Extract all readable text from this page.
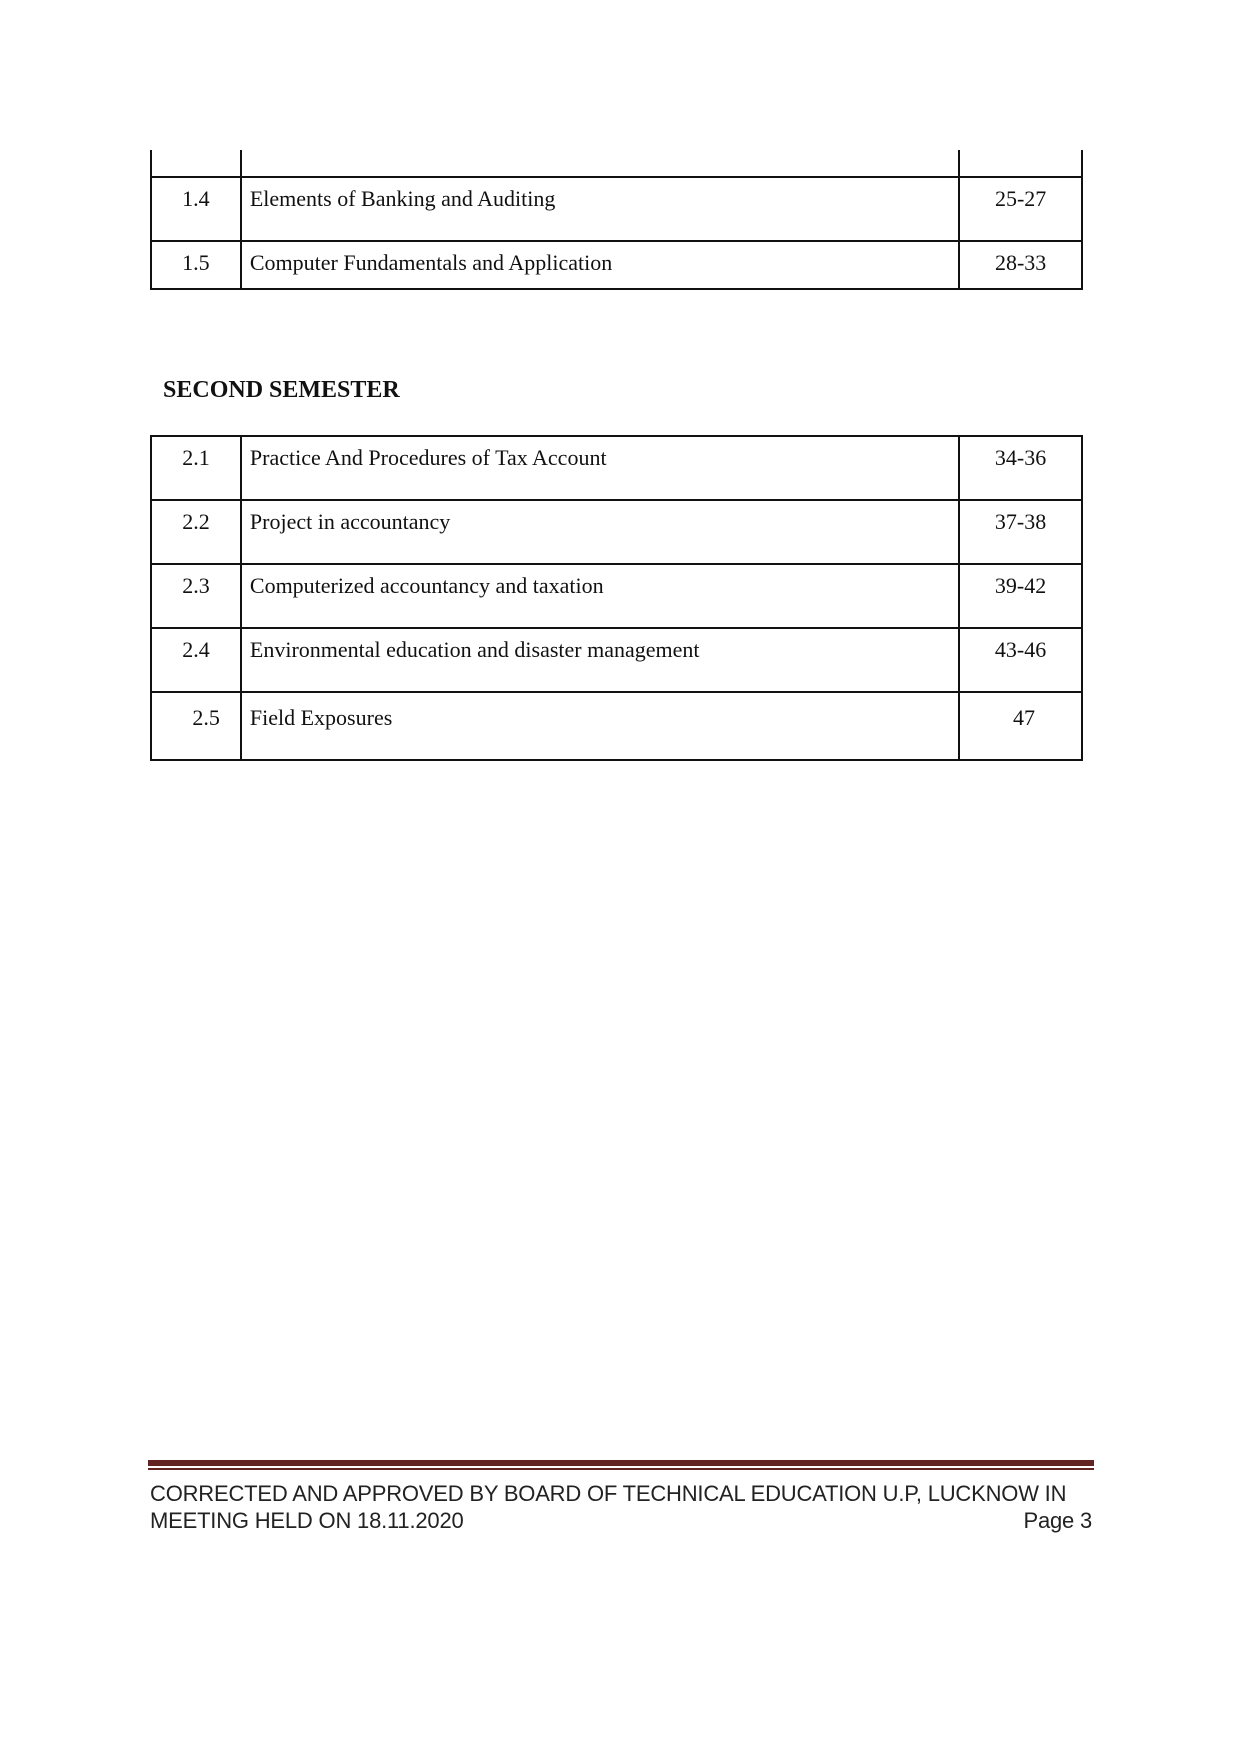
1.4	Elements of Banking and Auditing	25-27
1.5	Computer Fundamentals and Application	28-33
SECOND SEMESTER
2.1	Practice And Procedures of Tax Account	34-36
2.2	Project in accountancy	37-38
2.3	Computerized accountancy and taxation	39-42
2.4	Environmental education and disaster management	43-46
2.5	Field Exposures	47
CORRECTED AND APPROVED BY BOARD OF TECHNICAL EDUCATION U.P, LUCKNOW IN
MEETING HELD ON 18.11.2020	Page 3
